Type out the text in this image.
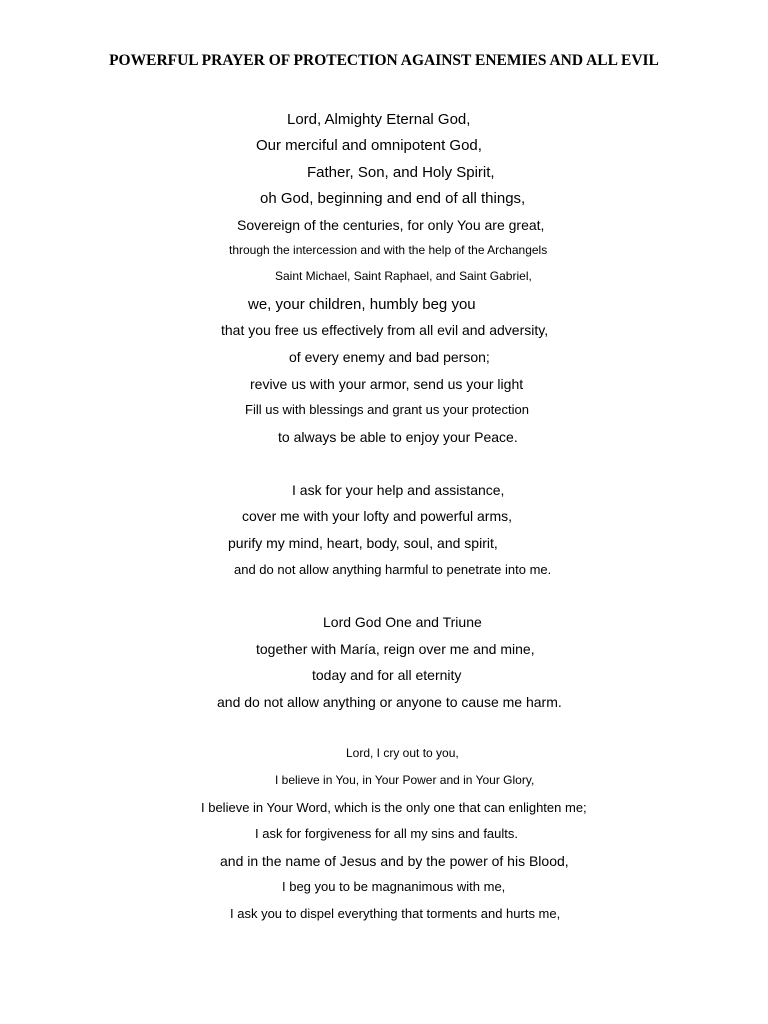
POWERFUL PRAYER OF PROTECTION AGAINST ENEMIES AND ALL EVIL

Lord, Almighty Eternal God,

Our merciful and omnipotent God,

Father, Son, and Holy Spirit,

oh God, beginning and end of all things,

Sovereign of the centuries, for only You are great,

through the intercession and with the help of the Archangels

Saint Michael, Saint Raphael, and Saint Gabriel,

we, your children, humbly beg you

that you free us effectively from all evil and adversity,

of every enemy and bad person;

revive us with your armor, send us your light

Fill us with blessings and grant us your protection

to always be able to enjoy your Peace.

I ask for your help and assistance,

cover me with your lofty and powerful arms,

purify my mind, heart, body, soul, and spirit,

and do not allow anything harmful to penetrate into me.

Lord God One and Triune

together with María, reign over me and mine,

today and for all eternity

and do not allow anything or anyone to cause me harm.

Lord, I cry out to you,

I believe in You, in Your Power and in Your Glory,

I believe in Your Word, which is the only one that can enlighten me;

I ask for forgiveness for all my sins and faults.

and in the name of Jesus and by the power of his Blood,

I beg you to be magnanimous with me,

I ask you to dispel everything that torments and hurts me,
